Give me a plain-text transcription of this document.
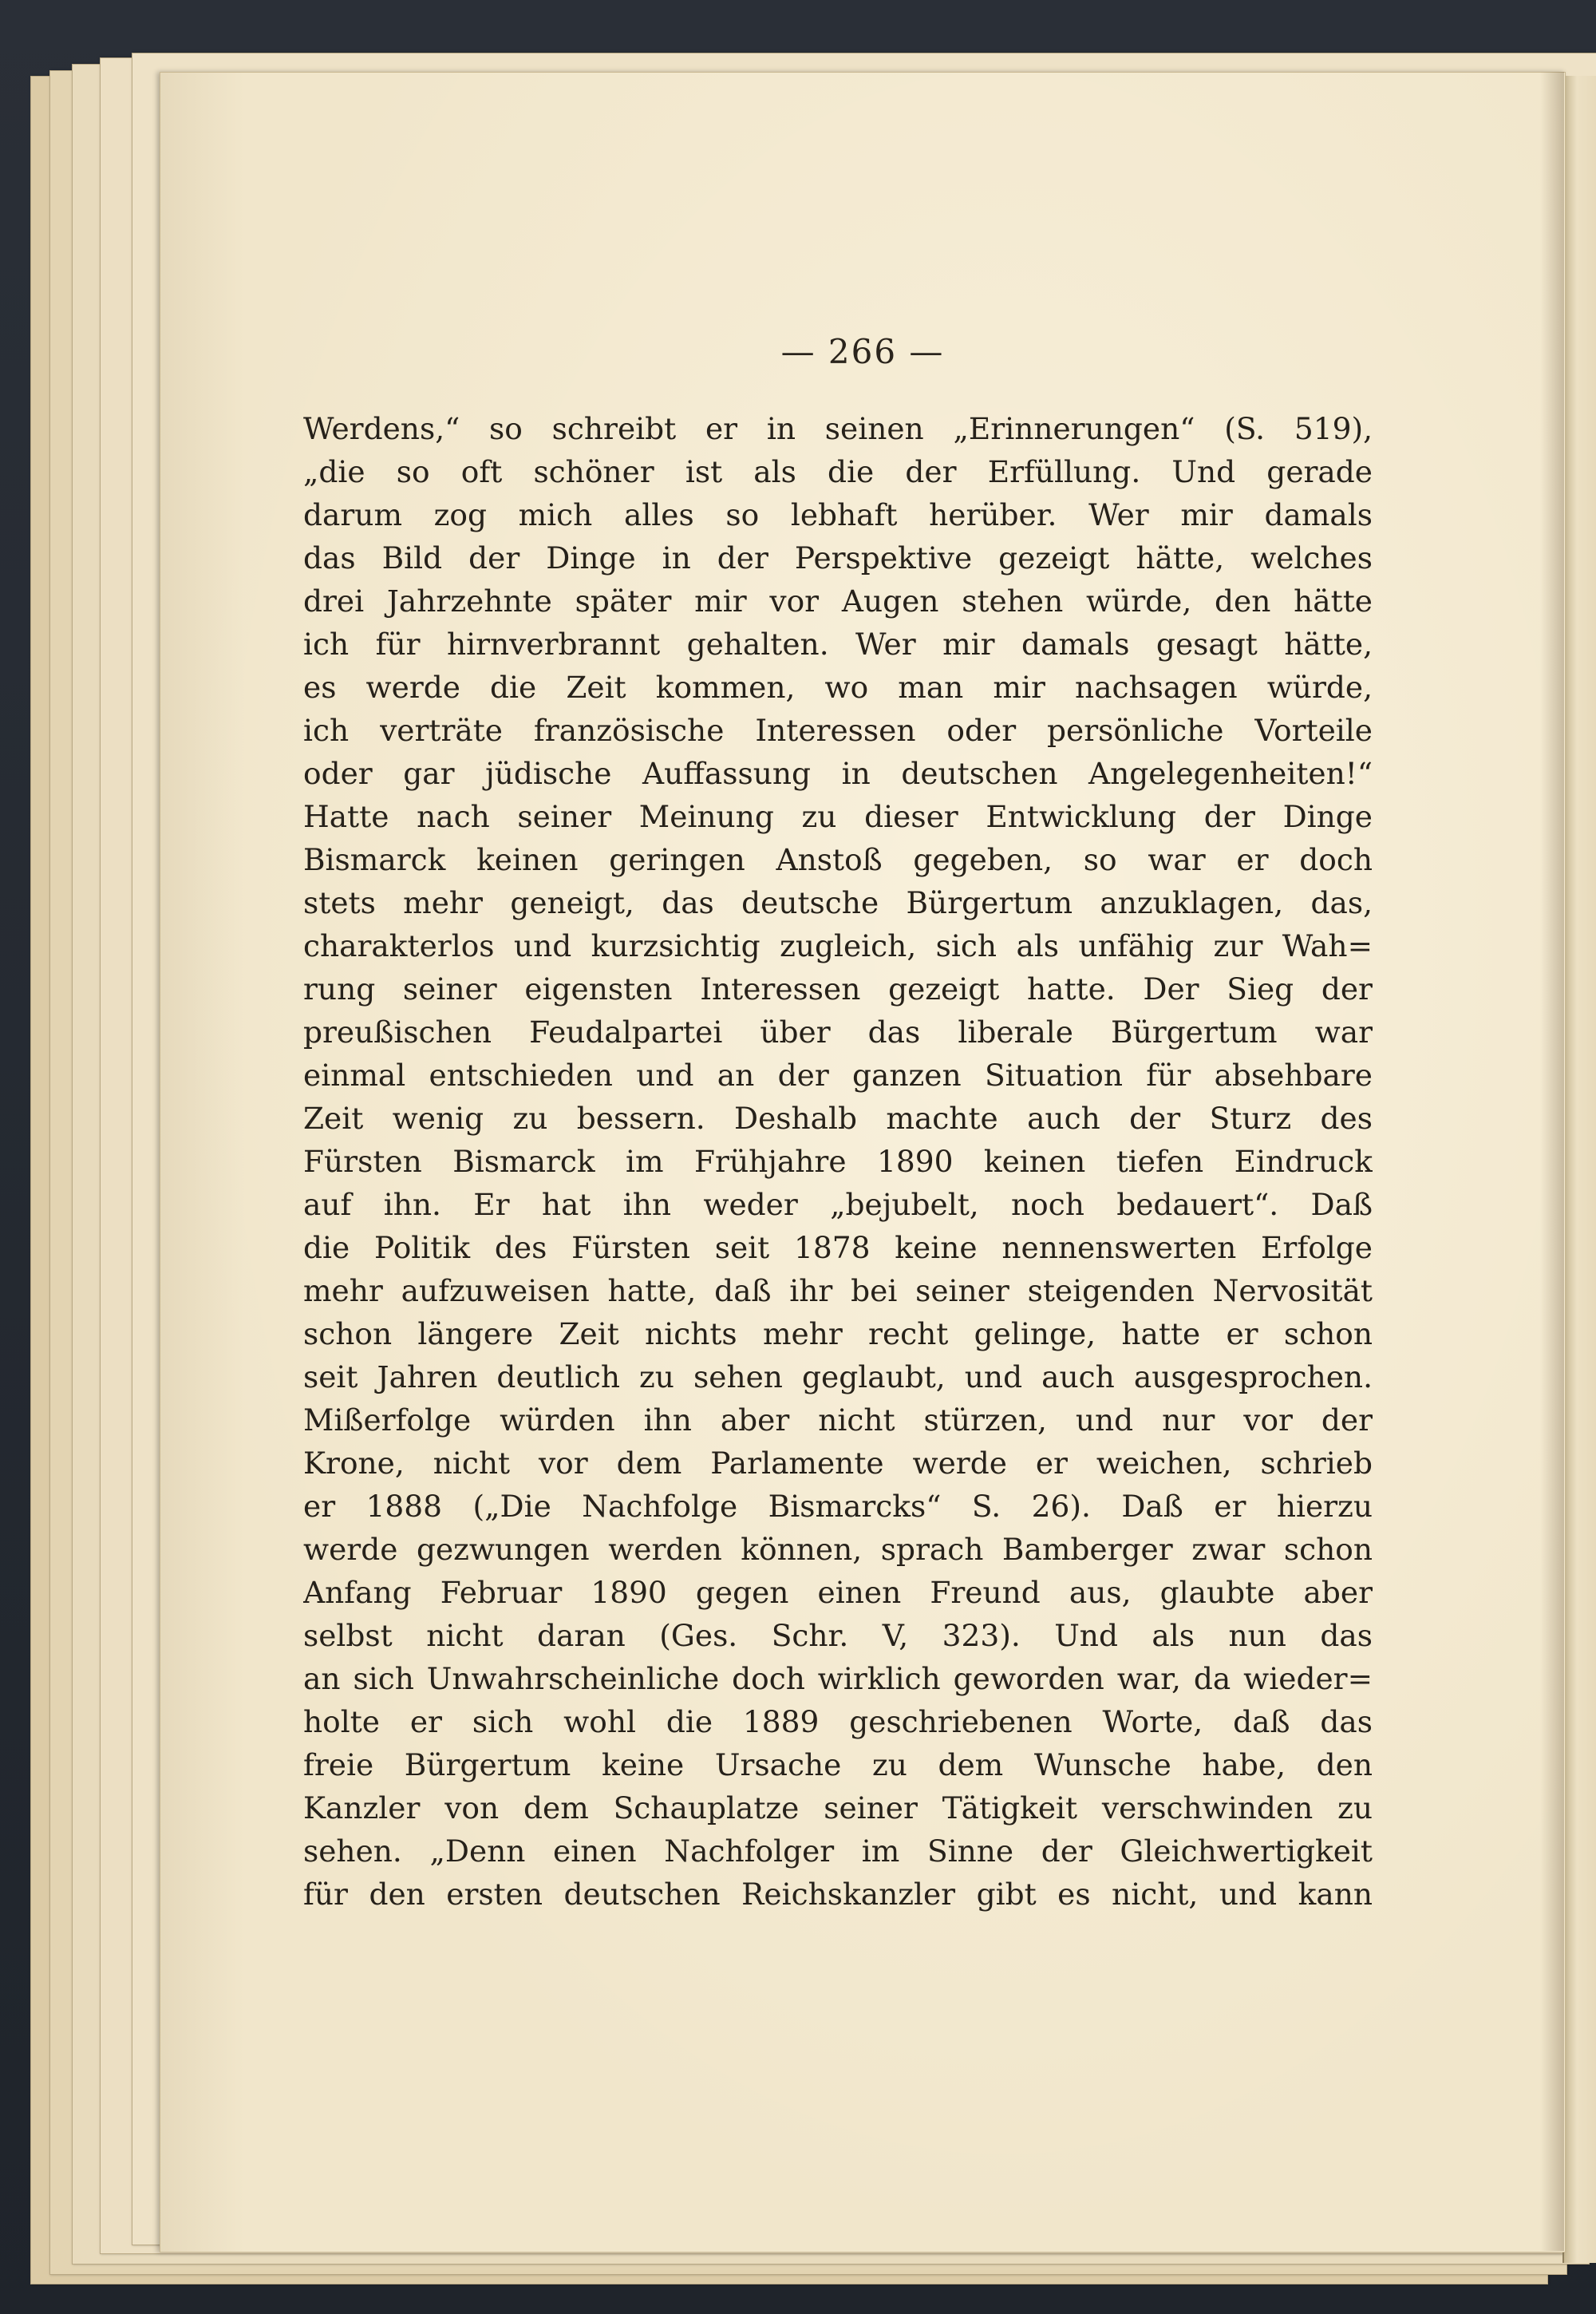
— 266 —
Werdens,“ so schreibt er in seinen „Erinnerungen“ (S. 519),
„die so oft schöner ist als die der Erfüllung. Und gerade
darum zog mich alles so lebhaft herüber. Wer mir damals
das Bild der Dinge in der Perspektive gezeigt hätte, welches
drei Jahrzehnte später mir vor Augen stehen würde, den hätte
ich für hirnverbrannt gehalten. Wer mir damals gesagt hätte,
es werde die Zeit kommen, wo man mir nachsagen würde,
ich verträte französische Interessen oder persönliche Vorteile
oder gar jüdische Auffassung in deutschen Angelegenheiten!“
Hatte nach seiner Meinung zu dieser Entwicklung der Dinge
Bismarck keinen geringen Anstoß gegeben, so war er doch
stets mehr geneigt, das deutsche Bürgertum anzuklagen, das,
charakterlos und kurzsichtig zugleich, sich als unfähig zur Wah=
rung seiner eigensten Interessen gezeigt hatte. Der Sieg der
preußischen Feudalpartei über das liberale Bürgertum war
einmal entschieden und an der ganzen Situation für absehbare
Zeit wenig zu bessern. Deshalb machte auch der Sturz des
Fürsten Bismarck im Frühjahre 1890 keinen tiefen Eindruck
auf ihn. Er hat ihn weder „bejubelt, noch bedauert“. Daß
die Politik des Fürsten seit 1878 keine nennenswerten Erfolge
mehr aufzuweisen hatte, daß ihr bei seiner steigenden Nervosität
schon längere Zeit nichts mehr recht gelinge, hatte er schon
seit Jahren deutlich zu sehen geglaubt, und auch ausgesprochen.
Mißerfolge würden ihn aber nicht stürzen, und nur vor der
Krone, nicht vor dem Parlamente werde er weichen, schrieb
er 1888 („Die Nachfolge Bismarcks“ S. 26). Daß er hierzu
werde gezwungen werden können, sprach Bamberger zwar schon
Anfang Februar 1890 gegen einen Freund aus, glaubte aber
selbst nicht daran (Ges. Schr. V, 323). Und als nun das
an sich Unwahrscheinliche doch wirklich geworden war, da wieder=
holte er sich wohl die 1889 geschriebenen Worte, daß das
freie Bürgertum keine Ursache zu dem Wunsche habe, den
Kanzler von dem Schauplatze seiner Tätigkeit verschwinden zu
sehen. „Denn einen Nachfolger im Sinne der Gleichwertigkeit
für den ersten deutschen Reichskanzler gibt es nicht, und kann
